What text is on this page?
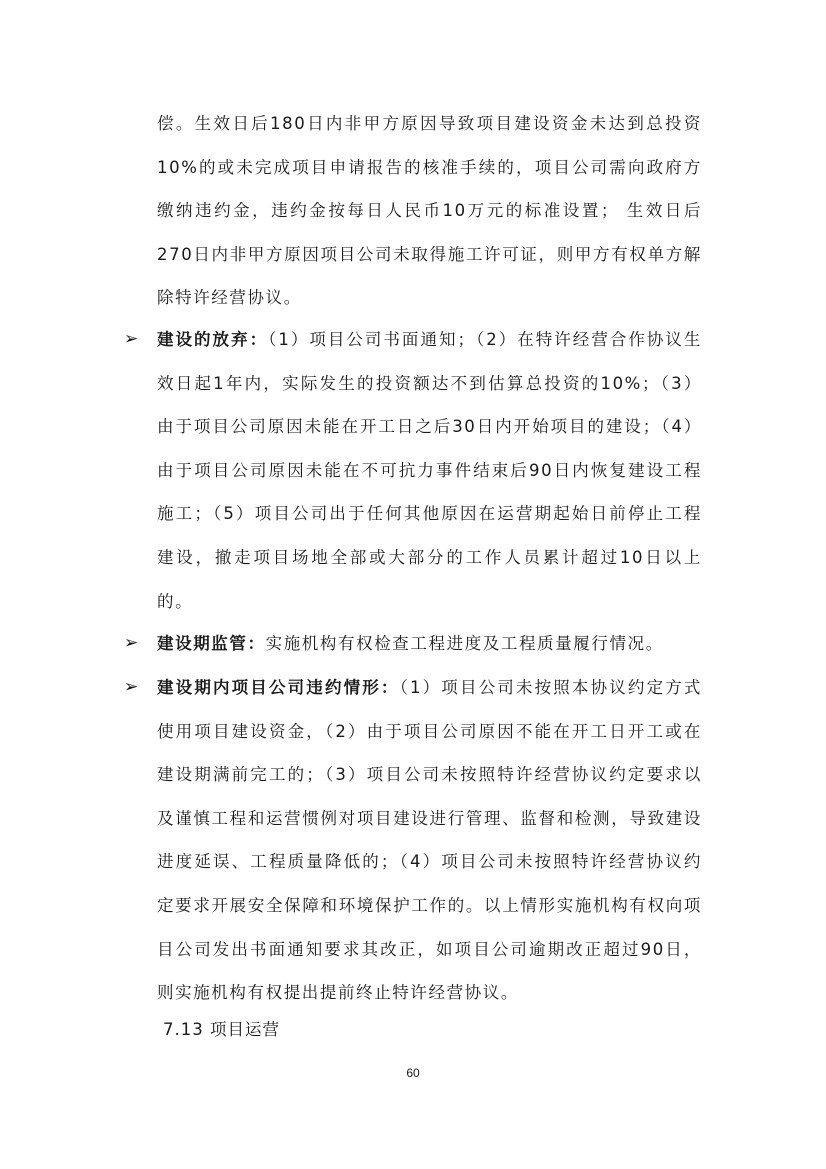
偿。生效日后180日内非甲方原因导致项目建设资金未达到总投资10%的或未完成项目申请报告的核准手续的，项目公司需向政府方缴纳违约金，违约金按每日人民币10万元的标准设置； 生效日后270日内非甲方原因项目公司未取得施工许可证，则甲方有权单方解除特许经营协议。
➢ 建设的放弃：（1）项目公司书面通知；（2）在特许经营合作协议生效日起1年内，实际发生的投资额达不到估算总投资的10%；（3）由于项目公司原因未能在开工日之后30日内开始项目的建设；（4）由于项目公司原因未能在不可抗力事件结束后90日内恢复建设工程施工；（5）项目公司出于任何其他原因在运营期起始日前停止工程建设，撤走项目场地全部或大部分的工作人员累计超过10日以上的。
➢ 建设期监管：实施机构有权检查工程进度及工程质量履行情况。
➢ 建设期内项目公司违约情形：（1）项目公司未按照本协议约定方式使用项目建设资金，（2）由于项目公司原因不能在开工日开工或在建设期满前完工的；（3）项目公司未按照特许经营协议约定要求以及谨慎工程和运营惯例对项目建设进行管理、监督和检测，导致建设进度延误、工程质量降低的；（4）项目公司未按照特许经营协议约定要求开展安全保障和环境保护工作的。以上情形实施机构有权向项目公司发出书面通知要求其改正，如项目公司逾期改正超过90日，则实施机构有权提出提前终止特许经营协议。
7.13 项目运营
60
